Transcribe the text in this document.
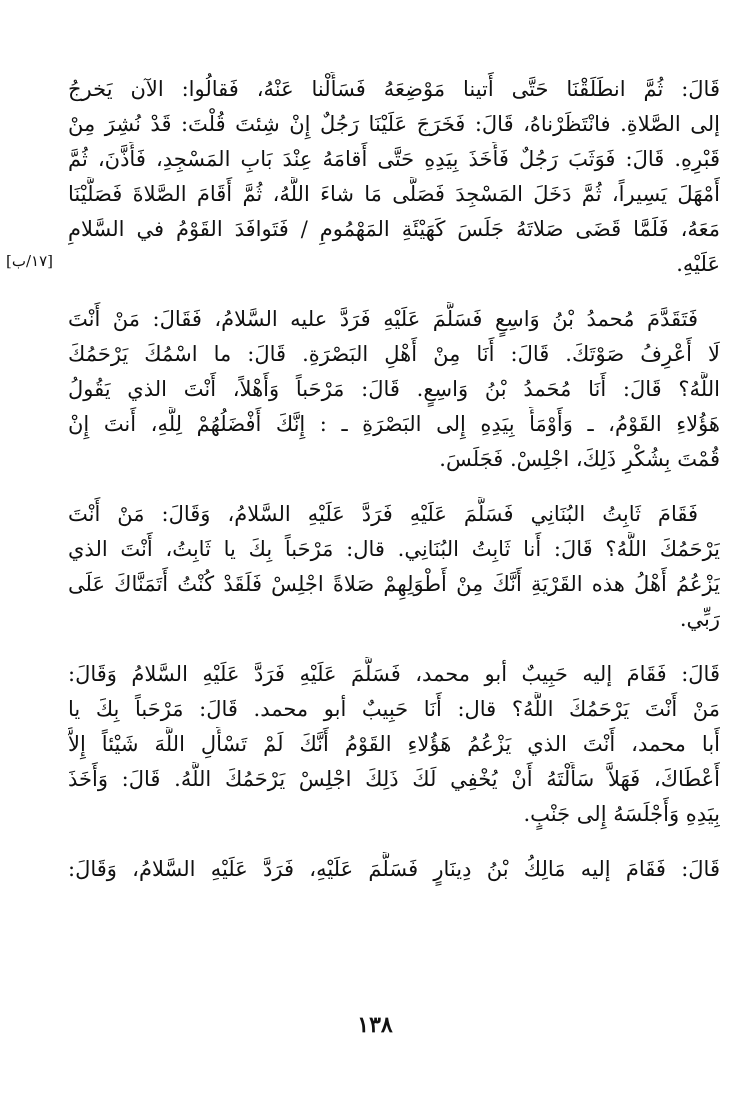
[١٧/ب]
قَالَ: ثُمَّ انطَلَقْنَا حَتَّى أَتينا مَوْضِعَهُ فَسَأَلْنا عَنْهُ، فَقالُوا: الآن يَخرجُ
إلى الصَّلاةِ. فانْتَظَرْناهُ، قَالَ: فَخَرَجَ عَلَيْنَا رَجُلٌ إِنْ شِئتَ قُلْتَ: قَدْ نُشِرَ مِنْ
قَبْرِهِ. قَالَ: فَوَثَبَ رَجُلٌ فَأَخَذَ بِيَدِهِ حَتَّى أَقامَهُ عِنْدَ بَابِ المَسْجِدِ، فَأَذَّنَ، ثُمَّ
أَمْهَلَ يَسِيراً، ثُمَّ دَخَلَ المَسْجِدَ فَصَلَّى مَا شاءَ اللَّهُ، ثُمَّ أَقَامَ الصَّلاةَ فَصَلَّيْنَا
مَعَهُ، فَلَمَّا قَضَى صَلاتَهُ جَلَسَ كَهَيْئَةِ المَهْمُومِ / فَتَوافَدَ القَوْمُ في السَّلامِ
عَلَيْهِ.
فَتَقَدَّمَ مُحمدُ بْنُ وَاسِعٍ فَسَلَّمَ عَلَيْهِ فَرَدَّ عليه السَّلامُ، فَقَالَ: مَنْ أَنْتَ
لَا أَعْرِفُ صَوْتَكَ. قَالَ: أَنَا مِنْ أَهْلِ البَصْرَةِ. قَالَ: ما اسْمُكَ يَرْحَمُكَ
اللَّهُ؟ قَالَ: أَنَا مُحَمدُ بْنُ وَاسِعٍ. قَالَ: مَرْحَباً وَأَهْلاً، أَنْتَ الذي يَقُولُ
هَؤُلاءِ القَوْمُ، ـ وَأَوْمَأَ بِيَدِهِ إِلى البَصْرَةِ ـ : إِنَّكَ أَفْضَلُهُمْ لِلَّهِ، أَنتَ إِنْ
قُمْتَ بِشُكْرِ ذَلِكَ، اجْلِسْ. فَجَلَسَ.
فَقَامَ ثَابِتُ البُنَانِي فَسَلَّمَ عَلَيْهِ فَرَدَّ عَلَيْهِ السَّلامُ، وَقَالَ: مَنْ أَنْتَ
يَرْحَمُكَ اللَّهُ؟ قَالَ: أَنا ثَابِتُ البُنَانِي. قال: مَرْحَباً بِكَ يا ثَابِتُ، أَنْتَ الذي
يَزْعُمُ أَهْلُ هذه القَرْيَةِ أَنَّكَ مِنْ أَطْوَلِهِمْ صَلاةً اجْلِسْ فَلَقَدْ كُنْتُ أَتَمَنَّاكَ عَلَى
رَبِّي.
قَالَ: فَقَامَ إليه حَبِيبٌ أبو محمد، فَسَلَّمَ عَلَيْهِ فَرَدَّ عَلَيْهِ السَّلامُ وَقَالَ:
مَنْ أَنْتَ يَرْحَمُكَ اللَّهُ؟ قال: أَنَا حَبِيبٌ أبو محمد. قَالَ: مَرْحَباً بِكَ يا
أَبا محمد، أَنْتَ الذي يَزْعُمُ هَؤُلاءِ القَوْمُ أَنَّكَ لَمْ تَسْأَلِ اللَّهَ شَيْئاً إِلاَّ
أَعْطَاكَ، فَهَلاَّ سَأَلْتَهُ أَنْ يُخْفِي لَكَ ذَلِكَ اجْلِسْ يَرْحَمُكَ اللَّهُ. قَالَ: وَأَخَذَ
بِيَدِهِ وَأَجْلَسَهُ إِلى جَنْبٍ.
قَالَ: فَقَامَ إليه مَالِكُ بْنُ دِينَارٍ فَسَلَّمَ عَلَيْهِ، فَرَدَّ عَلَيْهِ السَّلامُ، وَقَالَ:
١٣٨
